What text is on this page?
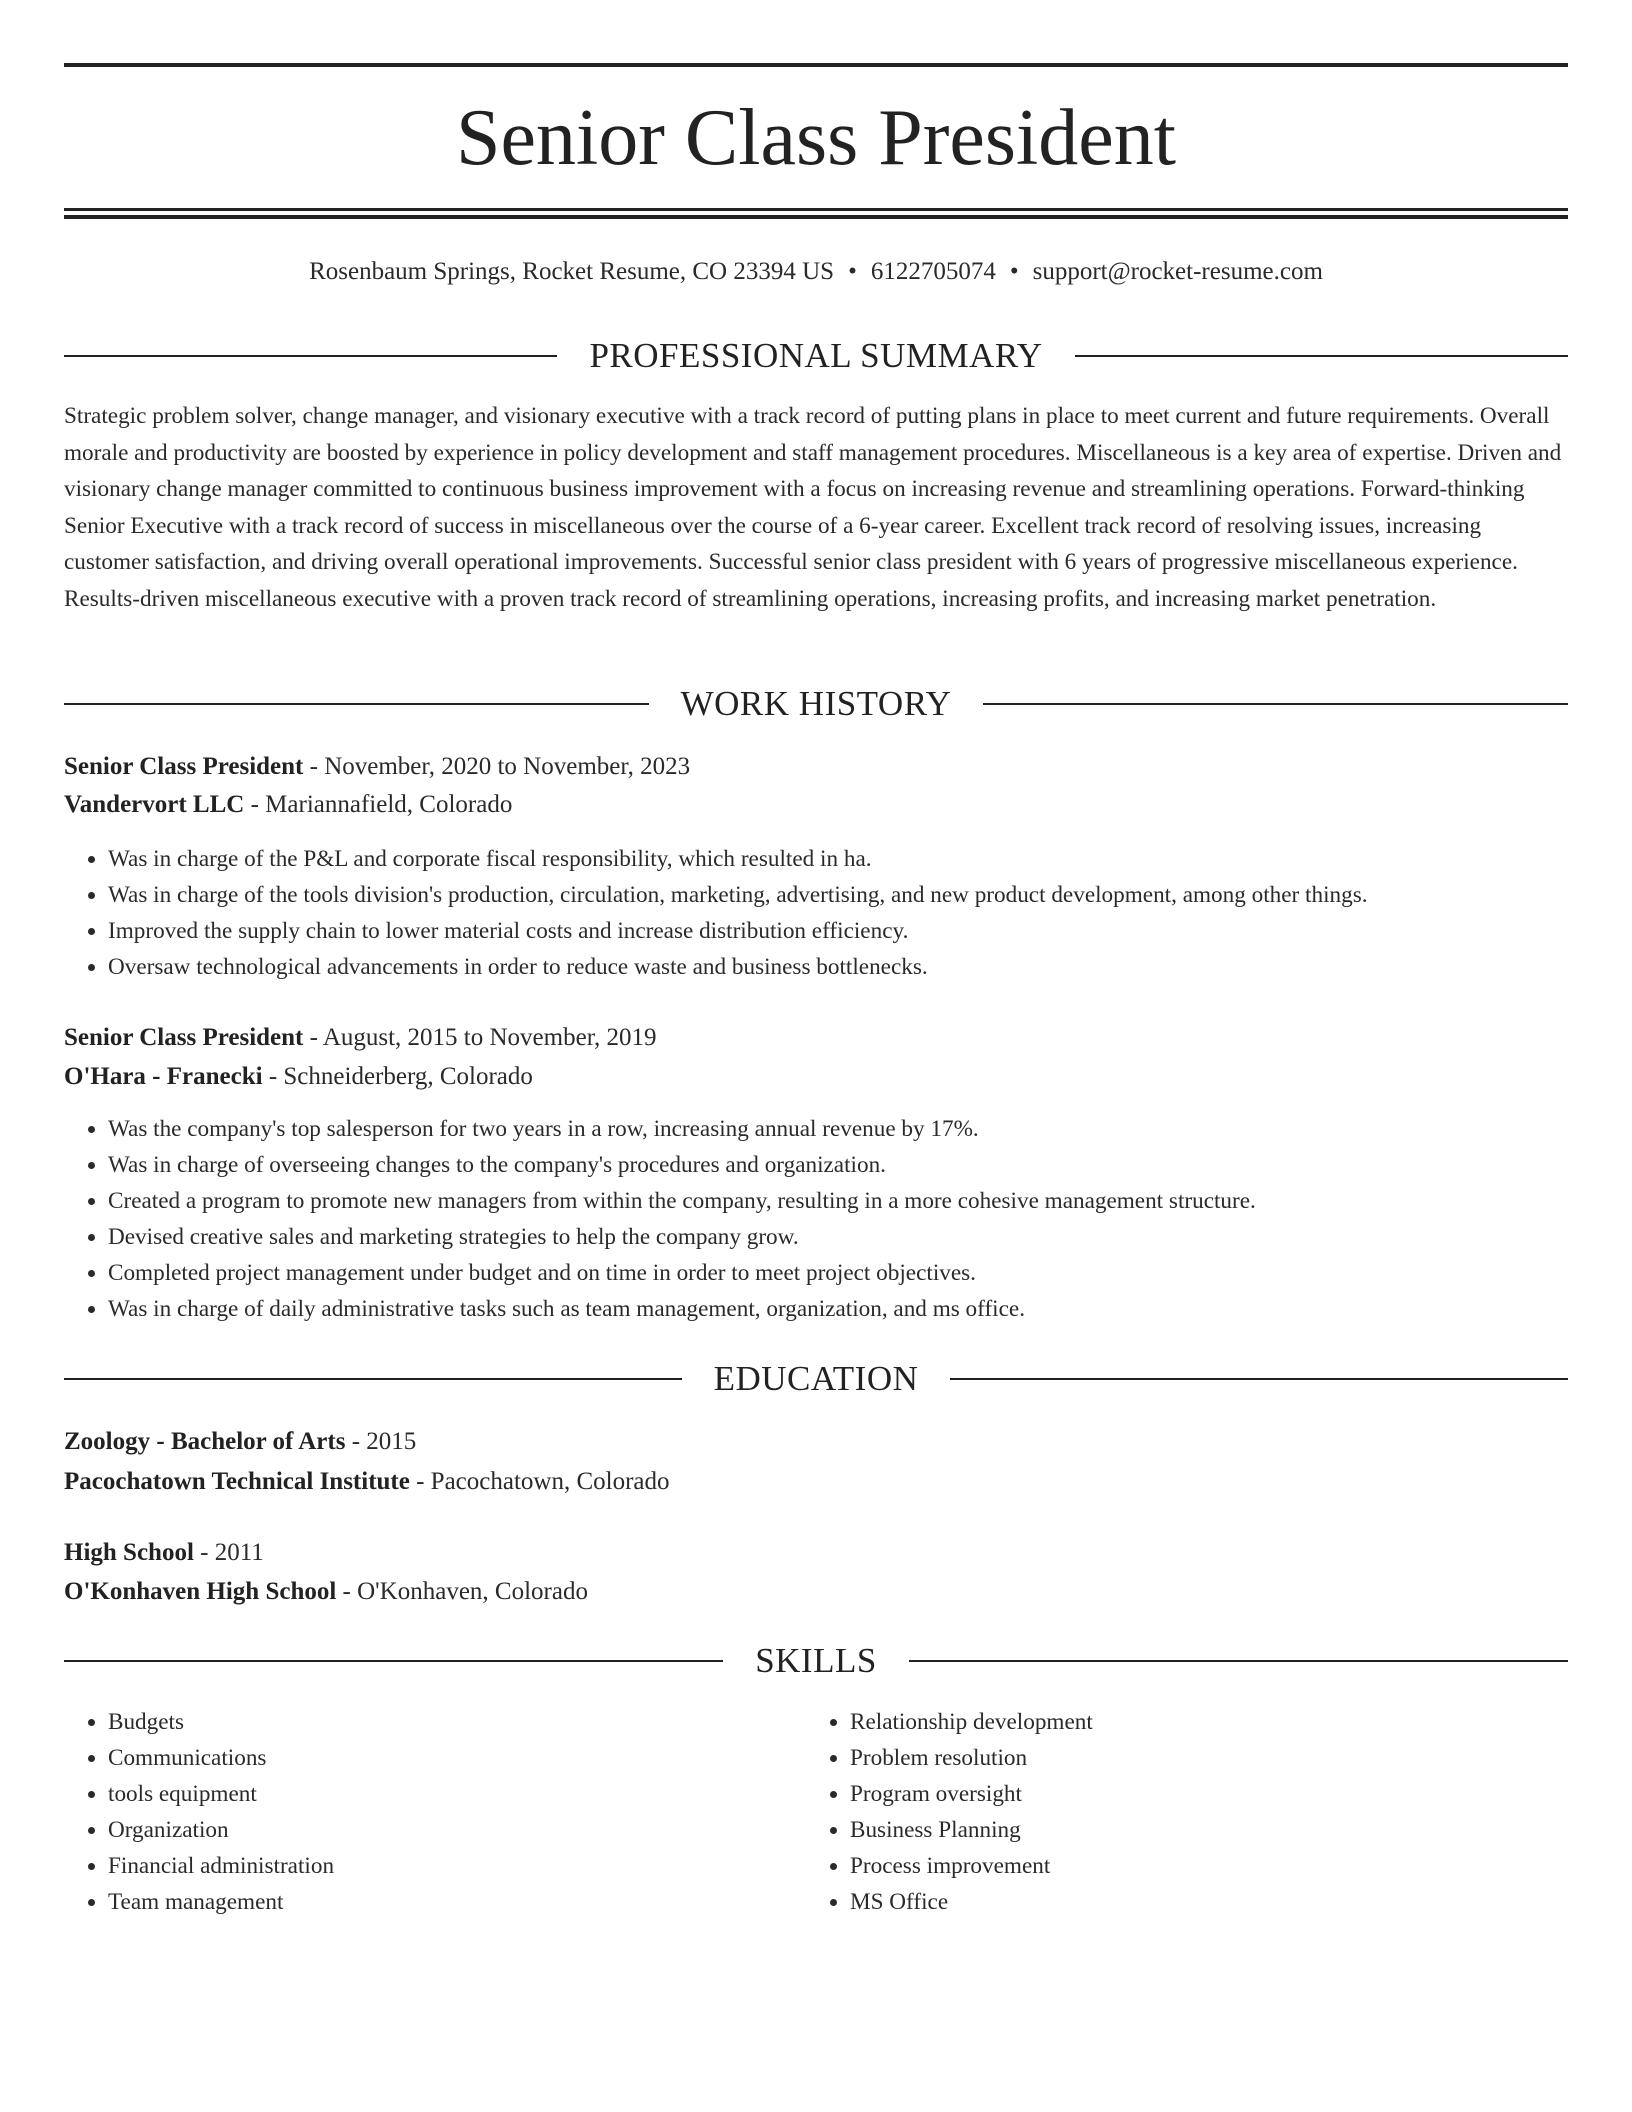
Senior Class President
Rosenbaum Springs, Rocket Resume, CO 23394 US • 6122705074 • support@rocket-resume.com
PROFESSIONAL SUMMARY
Strategic problem solver, change manager, and visionary executive with a track record of putting plans in place to meet current and future requirements. Overall morale and productivity are boosted by experience in policy development and staff management procedures. Miscellaneous is a key area of expertise. Driven and visionary change manager committed to continuous business improvement with a focus on increasing revenue and streamlining operations. Forward-thinking Senior Executive with a track record of success in miscellaneous over the course of a 6-year career. Excellent track record of resolving issues, increasing customer satisfaction, and driving overall operational improvements. Successful senior class president with 6 years of progressive miscellaneous experience. Results-driven miscellaneous executive with a proven track record of streamlining operations, increasing profits, and increasing market penetration.
WORK HISTORY
Senior Class President - November, 2020 to November, 2023
Vandervort LLC - Mariannafield, Colorado
• Was in charge of the P&L and corporate fiscal responsibility, which resulted in ha.
• Was in charge of the tools division's production, circulation, marketing, advertising, and new product development, among other things.
• Improved the supply chain to lower material costs and increase distribution efficiency.
• Oversaw technological advancements in order to reduce waste and business bottlenecks.
Senior Class President - August, 2015 to November, 2019
O'Hara - Franecki - Schneiderberg, Colorado
• Was the company's top salesperson for two years in a row, increasing annual revenue by 17%.
• Was in charge of overseeing changes to the company's procedures and organization.
• Created a program to promote new managers from within the company, resulting in a more cohesive management structure.
• Devised creative sales and marketing strategies to help the company grow.
• Completed project management under budget and on time in order to meet project objectives.
• Was in charge of daily administrative tasks such as team management, organization, and ms office.
EDUCATION
Zoology - Bachelor of Arts - 2015
Pacochatown Technical Institute - Pacochatown, Colorado
High School - 2011
O'Konhaven High School - O'Konhaven, Colorado
SKILLS
• Budgets
• Communications
• tools equipment
• Organization
• Financial administration
• Team management
• Relationship development
• Problem resolution
• Program oversight
• Business Planning
• Process improvement
• MS Office
